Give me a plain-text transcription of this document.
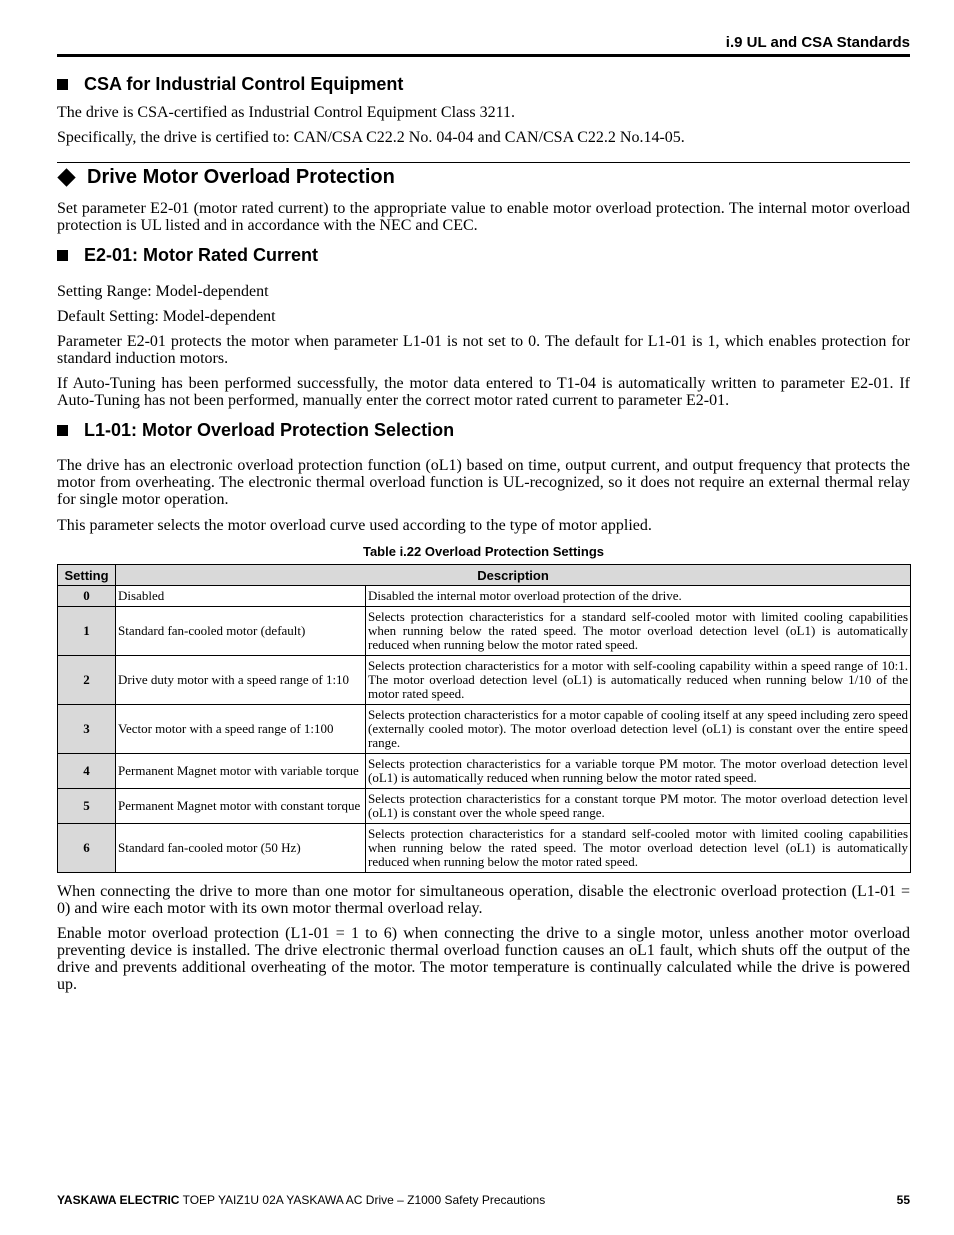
i.9 UL and CSA Standards
CSA for Industrial Control Equipment
The drive is CSA-certified as Industrial Control Equipment Class 3211.
Specifically, the drive is certified to: CAN/CSA C22.2 No. 04-04 and CAN/CSA C22.2 No.14-05.
Drive Motor Overload Protection
Set parameter E2-01 (motor rated current) to the appropriate value to enable motor overload protection. The internal motor overload protection is UL listed and in accordance with the NEC and CEC.
E2-01: Motor Rated Current
Setting Range: Model-dependent
Default Setting: Model-dependent
Parameter E2-01 protects the motor when parameter L1-01 is not set to 0. The default for L1-01 is 1, which enables protection for standard induction motors.
If Auto-Tuning has been performed successfully, the motor data entered to T1-04 is automatically written to parameter E2-01. If Auto-Tuning has not been performed, manually enter the correct motor rated current to parameter E2-01.
L1-01: Motor Overload Protection Selection
The drive has an electronic overload protection function (oL1) based on time, output current, and output frequency that protects the motor from overheating. The electronic thermal overload function is UL-recognized, so it does not require an external thermal relay for single motor operation.
This parameter selects the motor overload curve used according to the type of motor applied.
Table i.22 Overload Protection Settings
Setting	Description	
0	Disabled	Disabled the internal motor overload protection of the drive.
1	Standard fan-cooled motor (default)	Selects protection characteristics for a standard self-cooled motor with limited cooling capabilities when running below the rated speed. The motor overload detection level (oL1) is automatically reduced when running below the motor rated speed.
2	Drive duty motor with a speed range of 1:10	Selects protection characteristics for a motor with self-cooling capability within a speed range of 10:1. The motor overload detection level (oL1) is automatically reduced when running below 1/10 of the motor rated speed.
3	Vector motor with a speed range of 1:100	Selects protection characteristics for a motor capable of cooling itself at any speed including zero speed (externally cooled motor). The motor overload detection level (oL1) is constant over the entire speed range.
4	Permanent Magnet motor with variable torque	Selects protection characteristics for a variable torque PM motor. The motor overload detection level (oL1) is automatically reduced when running below the motor rated speed.
5	Permanent Magnet motor with constant torque	Selects protection characteristics for a constant torque PM motor. The motor overload detection level (oL1) is constant over the whole speed range.
6	Standard fan-cooled motor (50 Hz)	Selects protection characteristics for a standard self-cooled motor with limited cooling capabilities when running below the rated speed. The motor overload detection level (oL1) is automatically reduced when running below the motor rated speed.
When connecting the drive to more than one motor for simultaneous operation, disable the electronic overload protection (L1-01 = 0) and wire each motor with its own motor thermal overload relay.
Enable motor overload protection (L1-01 = 1 to 6) when connecting the drive to a single motor, unless another motor overload preventing device is installed. The drive electronic thermal overload function causes an oL1 fault, which shuts off the output of the drive and prevents additional overheating of the motor. The motor temperature is continually calculated while the drive is powered up.
YASKAWA ELECTRIC TOEP YAIZ1U 02A YASKAWA AC Drive – Z1000 Safety Precautions	55
